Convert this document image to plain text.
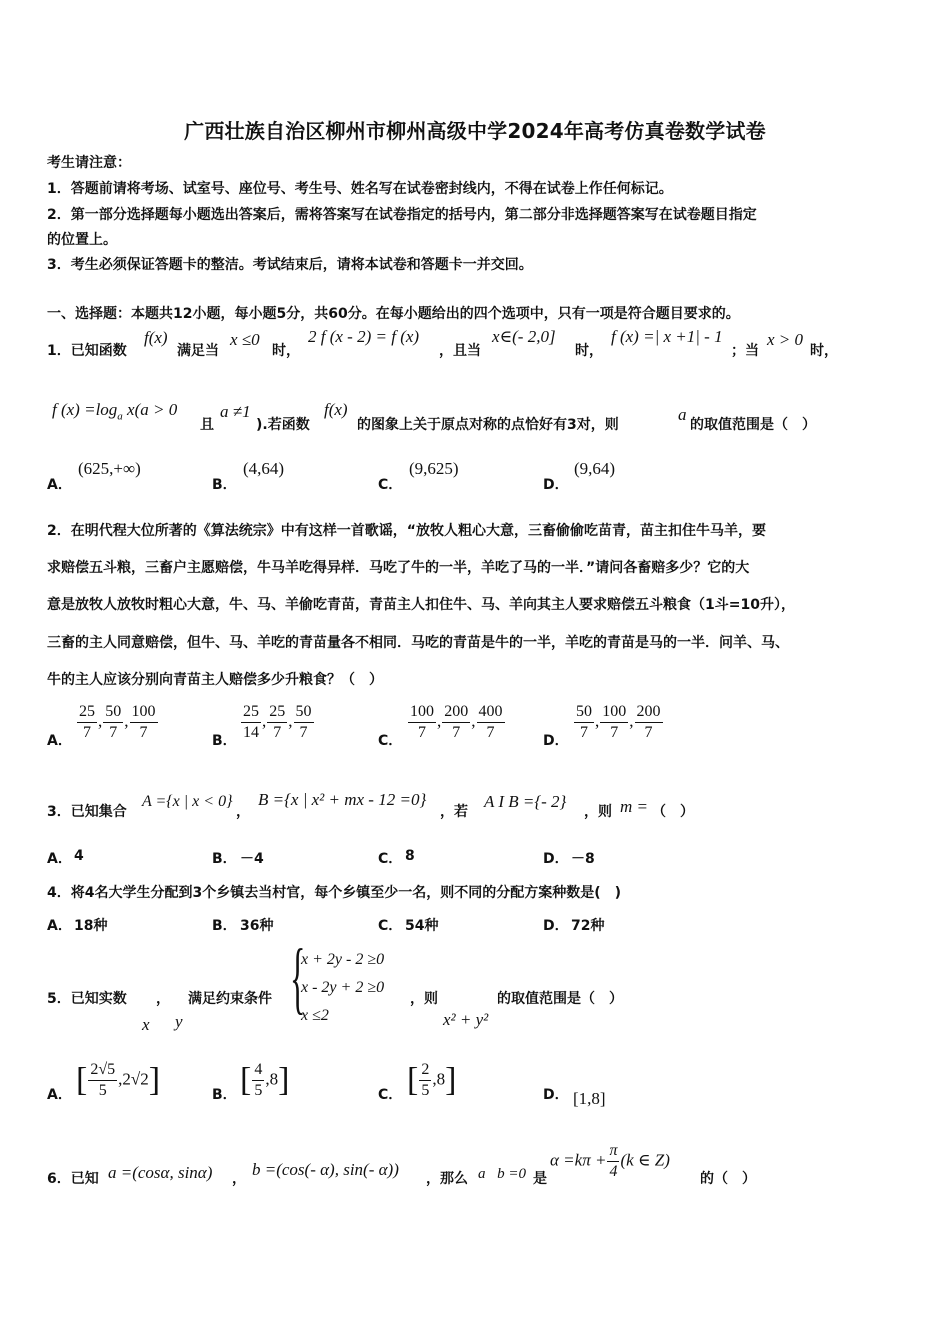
广西壮族自治区柳州市柳州高级中学2024年高考仿真卷数学试卷
考生请注意：
1．答题前请将考场、试室号、座位号、考生号、姓名写在试卷密封线内，不得在试卷上作任何标记。
2．第一部分选择题每小题选出答案后，需将答案写在试卷指定的括号内，第二部分非选择题答案写在试卷题目指定
的位置上。
3．考生必须保证答题卡的整洁。考试结束后，请将本试卷和答题卡一并交回。
一、选择题：本题共12小题，每小题5分，共60分。在每小题给出的四个选项中，只有一项是符合题目要求的。
1．已知函数
f(x)
满足当
x ≤0
时，
2 f (x - 2) = f (x)
，且当
x∈(- 2,0]
时，
f (x) =| x +1| - 1
；当
x > 0
时，
f $(x) =\log_a$ x(a > 0
且
a ≠1
).若函数
f(x)
的图象上关于原点对称的点恰好有3对，则
a
的取值范围是（　）
A．
(625,+∞)
B．
(4,64)
C．
(9,625)
D．
(9,64)
2．在明代程大位所著的《算法统宗》中有这样一首歌谣，“放牧人粗心大意，三畜偷偷吃苗青，苗主扣住牛马羊，要
求赔偿五斗粮，三畜户主愿赔偿，牛马羊吃得异样．马吃了牛的一半，羊吃了马的一半．”请问各畜赔多少？它的大
意是放牧人放牧时粗心大意，牛、马、羊偷吃青苗，青苗主人扣住牛、马、羊向其主人要求赔偿五斗粮食（1斗=10升），
三畜的主人同意赔偿，但牛、马、羊吃的青苗量各不相同．马吃的青苗是牛的一半，羊吃的青苗是马的一半．问羊、马、
牛的主人应该分别向青苗主人赔偿多少升粮食？（　）
A． $\frac{25}{7}$ , $\frac{50}{7}$ , $\frac{100}{7}$	B． $\frac{25}{14}$ , $\frac{25}{7}$ , $\frac{50}{7}$	C． $\frac{100}{7}$ , $\frac{200}{7}$ , $\frac{400}{7}$	D． $\frac{50}{7}$ , $\frac{100}{7}$ , $\frac{200}{7}$
3．已知集合
A ={x | x < 0}
，
B ={x | x² + mx - 12 =0}
，若
A I B ={- 2}
，则 m = （　）
A． 4	B． －4	C． 8	D． －8
4．将4名大学生分配到3个乡镇去当村官，每个乡镇至少一名，则不同的分配方案种数是(　)
A． 18种	B． 36种	C． 54种	D． 72种
5．已知实数 ， 满足约束条件
x y {
x + 2y - 2 ≥0
x - 2y + 2 ≥0
x ≤2
，则
x² + y²
的取值范围是（　）
A． [ $\frac{2√5}{5} ,2√2$]	B． [ $\frac{4}{5} ,8$]	C． [ $\frac{2}{5} ,8$]	D． [1,8]
6．已知 a =(cosα, sinα) ， b =(cos(- α), sin(- α)) ，那么 a⃗b =0 是
$\alpha =k\pi + \frac{\pi}{4} (k$ ∈ Z)
的（　）
